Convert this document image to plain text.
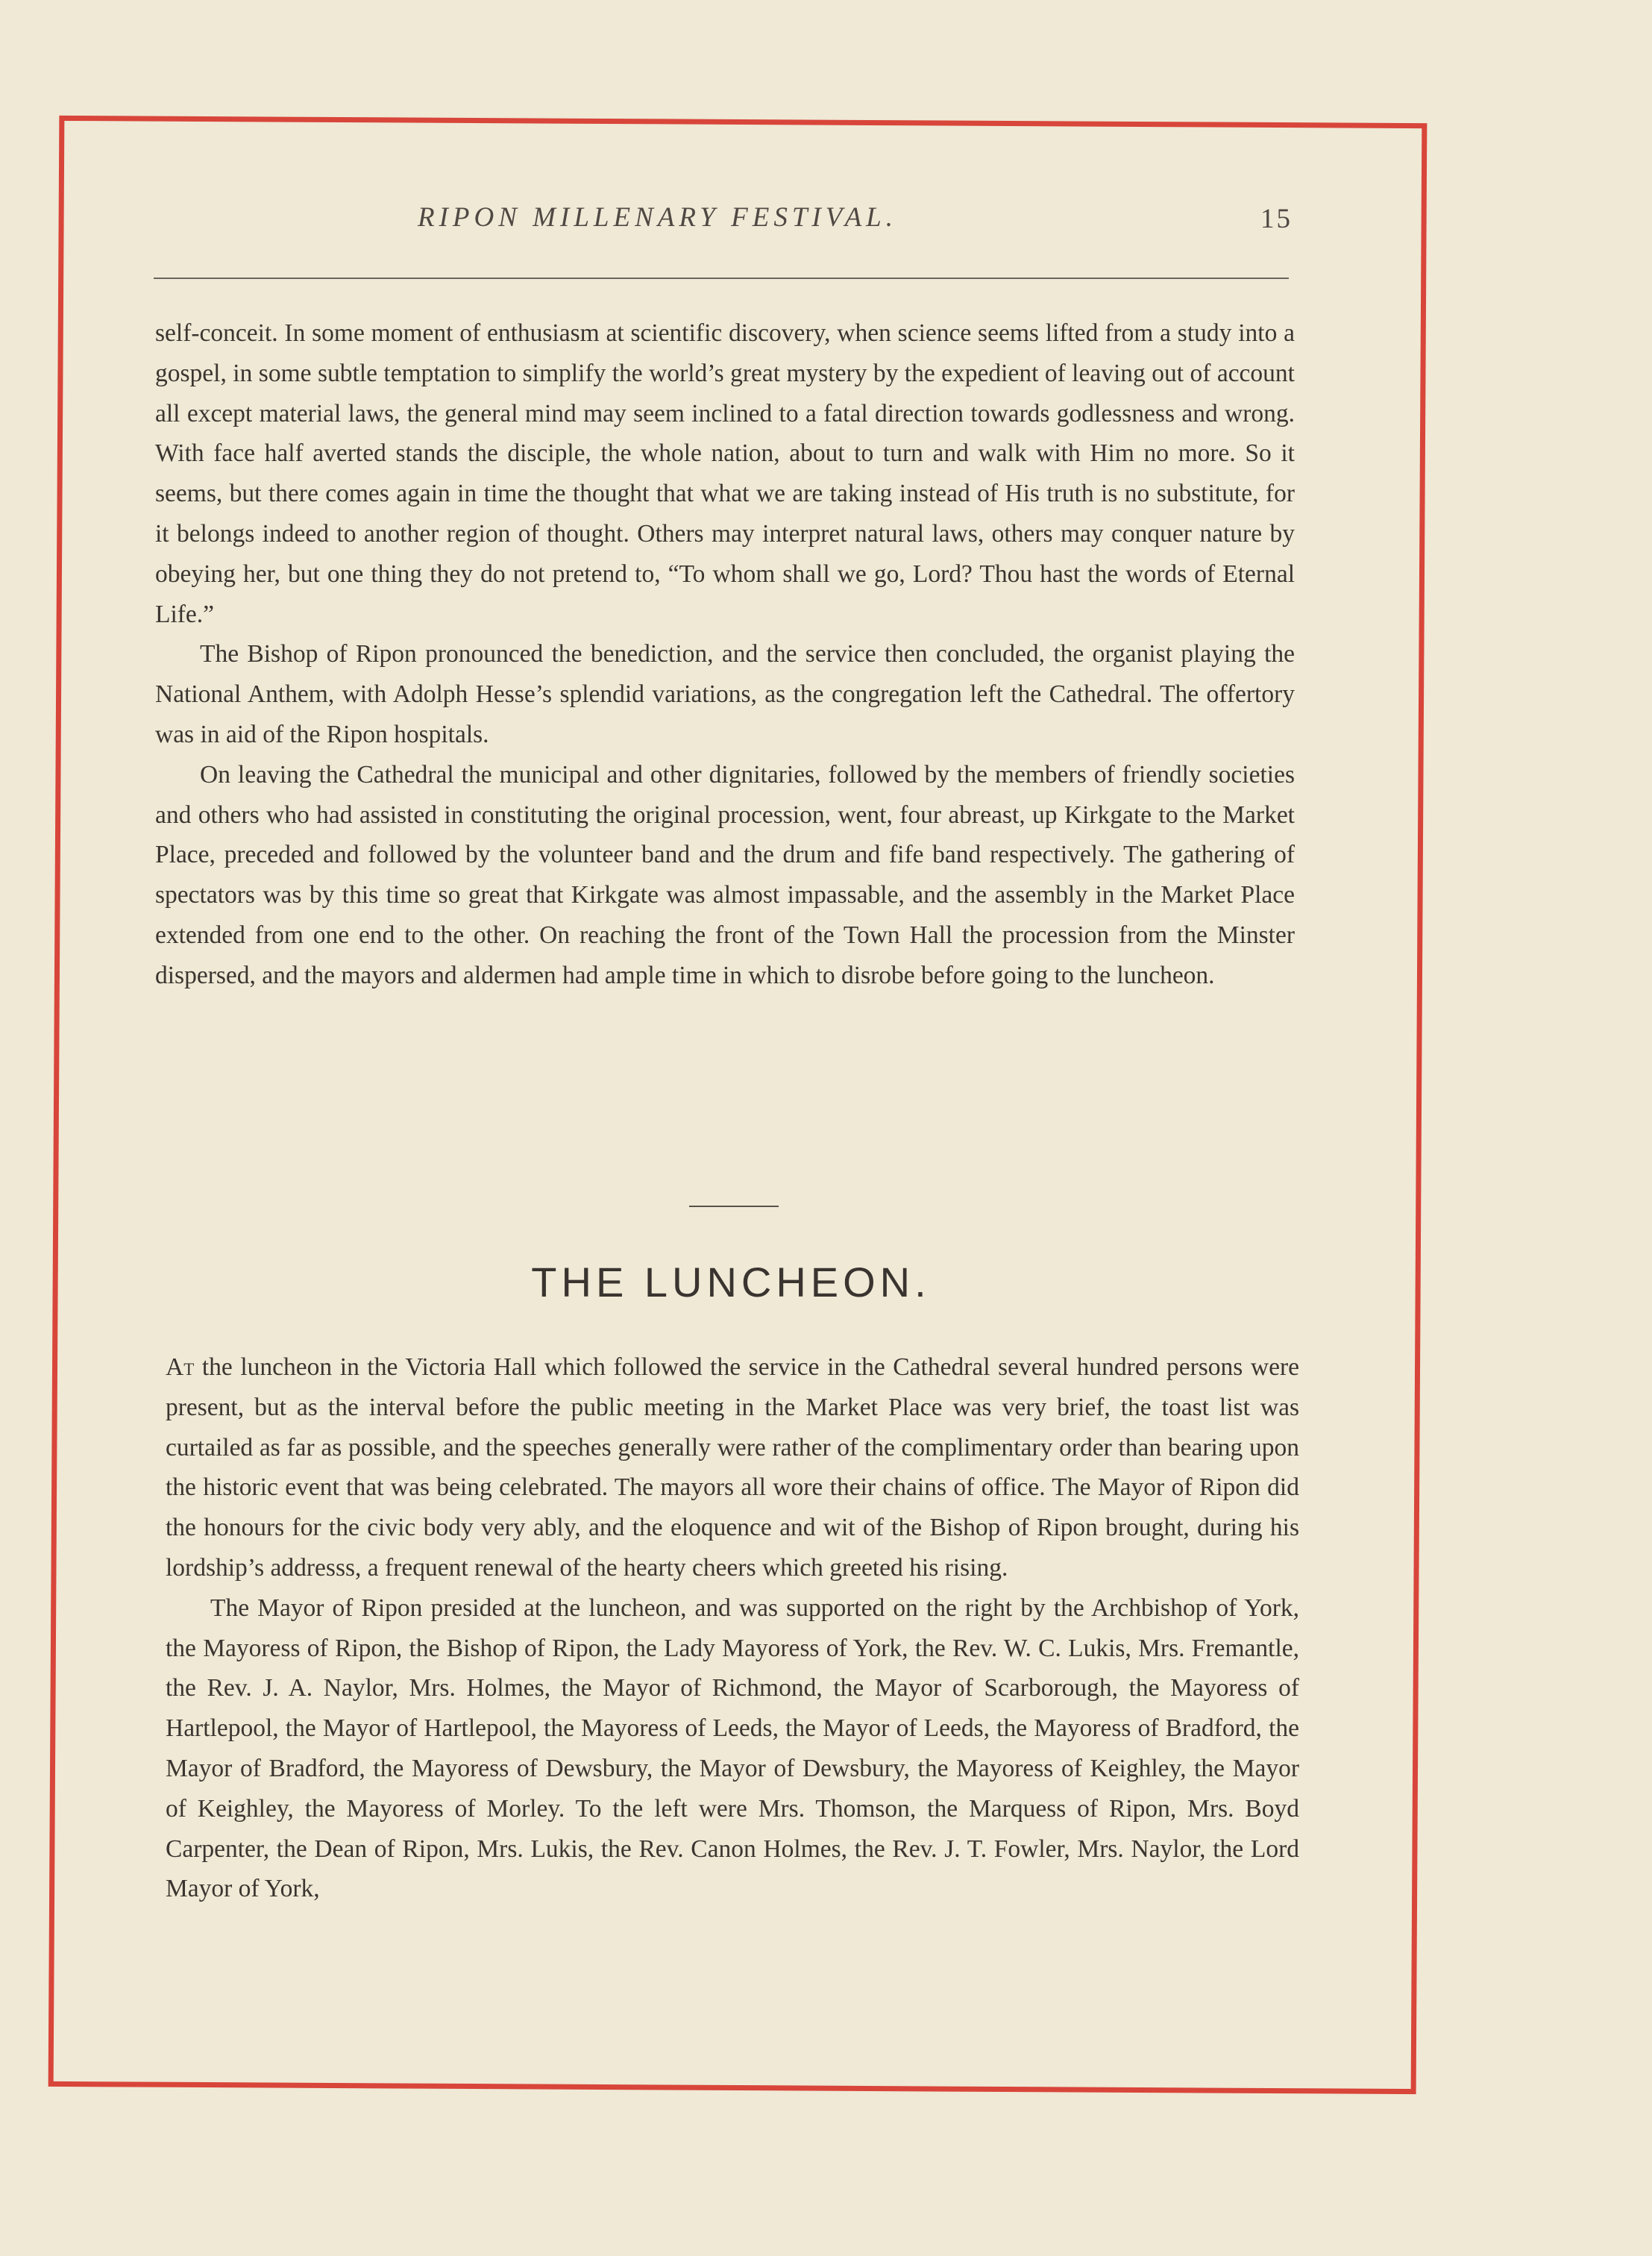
RIPON MILLENARY FESTIVAL.	15

self-conceit. In some moment of enthusiasm at scientific discovery, when science seems lifted from a study into a gospel, in some subtle temptation to simplify the world’s great mystery by the expedient of leaving out of account all except material laws, the general mind may seem inclined to a fatal direction towards godlessness and wrong. With face half averted stands the disciple, the whole nation, about to turn and walk with Him no more. So it seems, but there comes again in time the thought that what we are taking instead of His truth is no substitute, for it belongs indeed to another region of thought. Others may interpret natural laws, others may conquer nature by obeying her, but one thing they do not pretend to, “To whom shall we go, Lord? Thou hast the words of Eternal Life.”

The Bishop of Ripon pronounced the benediction, and the service then concluded, the organist playing the National Anthem, with Adolph Hesse’s splendid variations, as the congregation left the Cathedral. The offertory was in aid of the Ripon hospitals.

On leaving the Cathedral the municipal and other dignitaries, followed by the members of friendly societies and others who had assisted in constituting the original procession, went, four abreast, up Kirkgate to the Market Place, preceded and followed by the volunteer band and the drum and fife band respectively. The gathering of spectators was by this time so great that Kirkgate was almost impassable, and the assembly in the Market Place extended from one end to the other. On reaching the front of the Town Hall the procession from the Minster dispersed, and the mayors and aldermen had ample time in which to disrobe before going to the luncheon.

THE LUNCHEON.

At the luncheon in the Victoria Hall which followed the service in the Cathedral several hundred persons were present, but as the interval before the public meeting in the Market Place was very brief, the toast list was curtailed as far as possible, and the speeches generally were rather of the complimentary order than bearing upon the historic event that was being celebrated. The mayors all wore their chains of office. The Mayor of Ripon did the honours for the civic body very ably, and the eloquence and wit of the Bishop of Ripon brought, during his lordship’s addresss, a frequent renewal of the hearty cheers which greeted his rising.

The Mayor of Ripon presided at the luncheon, and was supported on the right by the Archbishop of York, the Mayoress of Ripon, the Bishop of Ripon, the Lady Mayoress of York, the Rev. W. C. Lukis, Mrs. Fremantle, the Rev. J. A. Naylor, Mrs. Holmes, the Mayor of Richmond, the Mayor of Scarborough, the Mayoress of Hartlepool, the Mayor of Hartlepool, the Mayoress of Leeds, the Mayor of Leeds, the Mayoress of Bradford, the Mayor of Bradford, the Mayoress of Dewsbury, the Mayor of Dewsbury, the Mayoress of Keighley, the Mayor of Keighley, the Mayoress of Morley. To the left were Mrs. Thomson, the Marquess of Ripon, Mrs. Boyd Carpenter, the Dean of Ripon, Mrs. Lukis, the Rev. Canon Holmes, the Rev. J. T. Fowler, Mrs. Naylor, the Lord Mayor of York,
